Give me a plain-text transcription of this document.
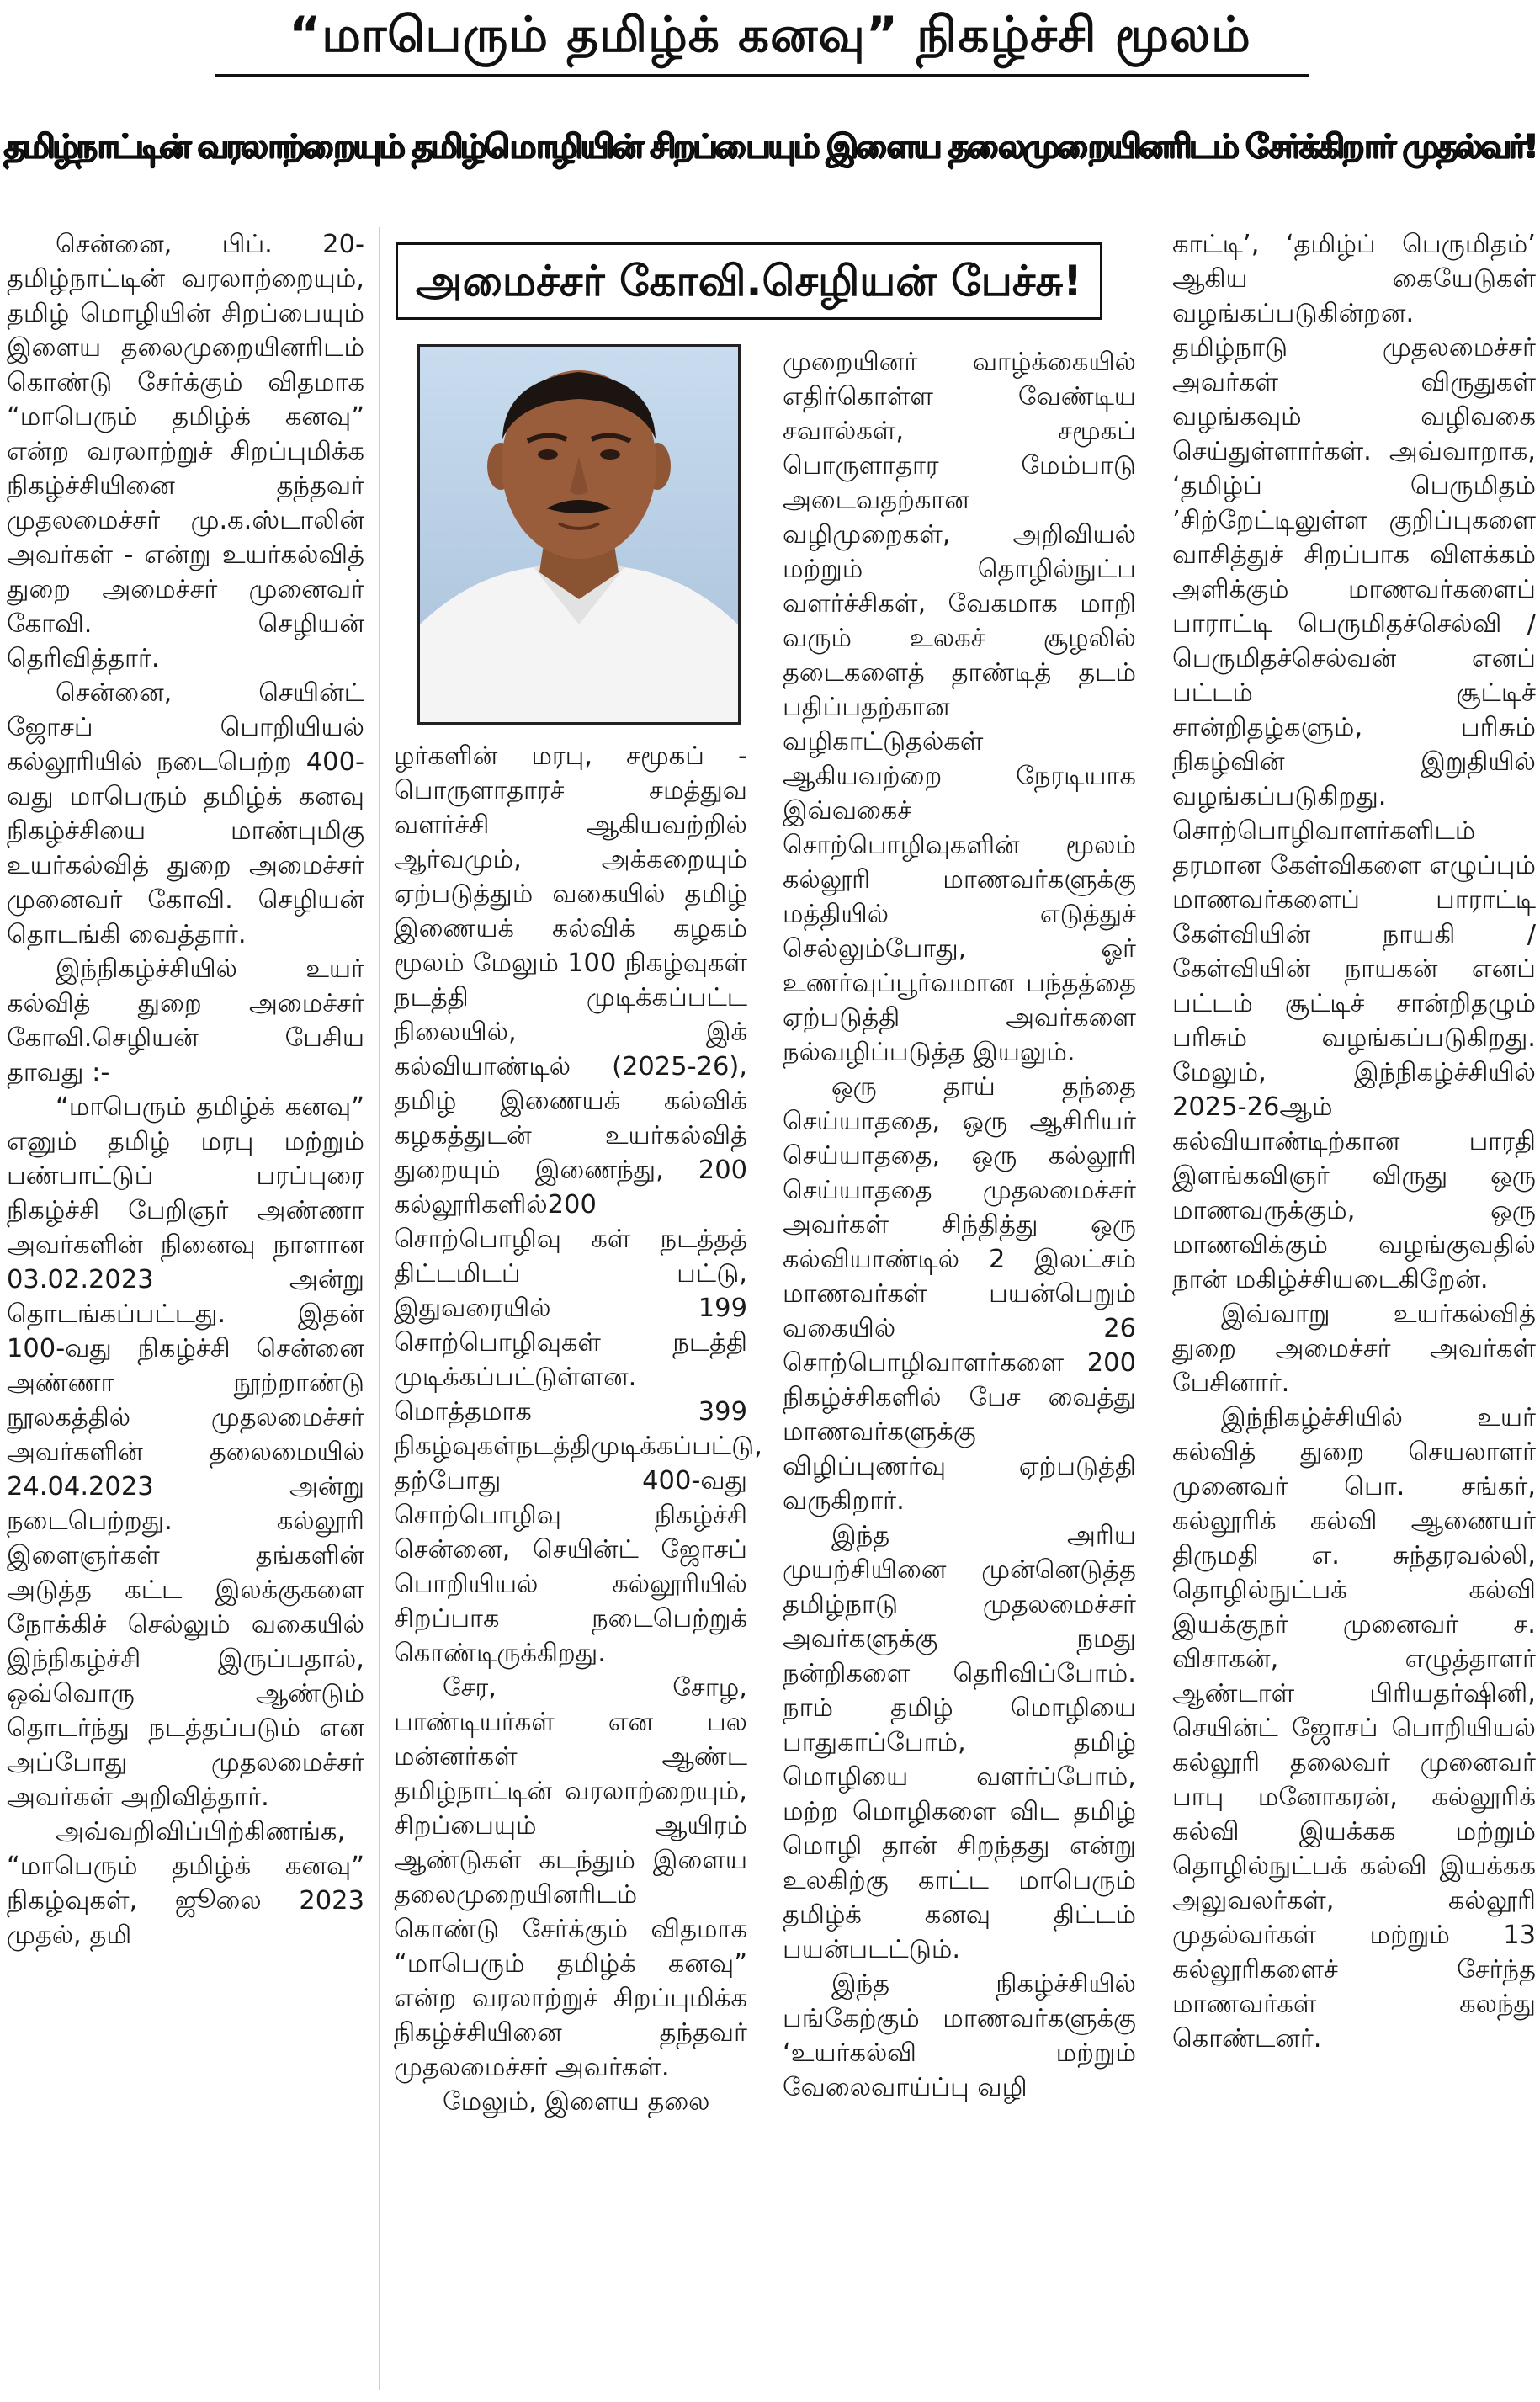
“மாபெரும் தமிழ்க் கனவு” நிகழ்ச்சி மூலம்
தமிழ்நாட்டின் வரலாற்றையும் தமிழ்மொழியின் சிறப்பையும் இளைய தலைமுறையினரிடம் சேர்க்கிறார் முதல்வர்!
அமைச்சர் கோவி.செழியன் பேச்சு!

சென்னை, பிப். 20- தமிழ்நாட்டின் வரலாற்றையும், தமிழ் மொழியின் சிறப்பையும் இளைய தலைமுறையினரிடம் கொண்டு சேர்க்கும் விதமாக “மாபெரும் தமிழ்க் கனவு” என்ற வரலாற்றுச் சிறப்புமிக்க நிகழ்ச்சியினை தந்தவர் முதலமைச்சர் மு.க.ஸ்டாலின் அவர்கள் - என்று உயர்கல்வித் துறை அமைச்சர் முனைவர் கோவி. செழியன் தெரிவித்தார்.

சென்னை, செயின்ட் ஜோசப் பொறியியல் கல்லூரியில் நடைபெற்ற 400-வது மாபெரும் தமிழ்க் கனவு நிகழ்ச்சியை மாண்புமிகு உயர்கல்வித் துறை அமைச்சர் முனைவர் கோவி. செழியன் தொடங்கி வைத்தார்.

இந்நிகழ்ச்சியில் உயர் கல்வித் துறை அமைச்சர் கோவி.செழியன் பேசிய தாவது :-

“மாபெரும் தமிழ்க் கனவு” எனும் தமிழ் மரபு மற்றும் பண்பாட்டுப் பரப்புரை நிகழ்ச்சி பேறிஞர் அண்ணா அவர்களின் நினைவு நாளான 03.02.2023 அன்று தொடங்கப்பட்டது. இதன் 100-வது நிகழ்ச்சி சென்னை அண்ணா நூற்றாண்டு நூலகத்தில் முதலமைச்சர் அவர்களின் தலைமையில் 24.04.2023 அன்று நடைபெற்றது. கல்லூரி இளைஞர்கள் தங்களின் அடுத்த கட்ட இலக்குகளை நோக்கிச் செல்லும் வகையில் இந்நிகழ்ச்சி இருப்பதால், ஒவ்வொரு ஆண்டும் தொடர்ந்து நடத்தப்படும் என அப்போது முதலமைச்சர் அவர்கள் அறிவித்தார்.

அவ்வறிவிப்பிற்கிணங்க, “மாபெரும் தமிழ்க் கனவு” நிகழ்வுகள், ஜூலை 2023 முதல், தமி

ழர்களின் மரபு, சமூகப் - பொருளாதாரச் சமத்துவ வளர்ச்சி ஆகியவற்றில் ஆர்வமும், அக்கறையும் ஏற்படுத்தும் வகையில் தமிழ் இணையக் கல்விக் கழகம் மூலம் மேலும் 100 நிகழ்வுகள் நடத்தி முடிக்கப்பட்ட நிலையில், இக் கல்வியாண்டில் (2025-26), தமிழ் இணையக் கல்விக் கழகத்துடன் உயர்கல்வித் துறையும் இணைந்து, 200 கல்லூரிகளில்200 சொற்பொழிவு கள் நடத்தத் திட்டமிடப் பட்டு, இதுவரையில் 199 சொற்பொழிவுகள் நடத்தி முடிக்கப்பட்டுள்ளன. மொத்தமாக 399 நிகழ்வுகள்நடத்திமுடிக்கப்பட்டு, தற்போது 400-வது சொற்பொழிவு நிகழ்ச்சி சென்னை, செயின்ட் ஜோசப் பொறியியல் கல்லூரியில் சிறப்பாக நடைபெற்றுக் கொண்டிருக்கிறது.

சேர, சோழ, பாண்டியர்கள் என பல மன்னர்கள் ஆண்ட தமிழ்நாட்டின் வரலாற்றையும், சிறப்பையும் ஆயிரம் ஆண்டுகள் கடந்தும் இளைய தலைமுறையினரிடம் கொண்டு சேர்க்கும் விதமாக “மாபெரும் தமிழ்க் கனவு” என்ற வரலாற்றுச் சிறப்புமிக்க நிகழ்ச்சியினை தந்தவர் முதலமைச்சர் அவர்கள்.

மேலும், இளைய தலை

முறையினர் வாழ்க்கையில் எதிர்கொள்ள வேண்டிய சவால்கள், சமூகப் பொருளாதார மேம்பாடு அடைவதற்கான வழிமுறைகள், அறிவியல் மற்றும் தொழில்நுட்ப வளர்ச்சிகள், வேகமாக மாறி வரும் உலகச் சூழலில் தடைகளைத் தாண்டித் தடம் பதிப்பதற்கான வழிகாட்டுதல்கள் ஆகியவற்றை நேரடியாக இவ்வகைச் சொற்பொழிவுகளின் மூலம் கல்லூரி மாணவர்களுக்கு மத்தியில் எடுத்துச் செல்லும்போது, ஓர் உணர்வுப்பூர்வமான பந்தத்தை ஏற்படுத்தி அவர்களை நல்வழிப்படுத்த இயலும்.

ஒரு தாய் தந்தை செய்யாததை, ஒரு ஆசிரியர் செய்யாததை, ஒரு கல்லூரி செய்யாததை முதலமைச்சர் அவர்கள் சிந்தித்து ஒரு கல்வியாண்டில் 2 இலட்சம் மாணவர்கள் பயன்பெறும் வகையில் 26 சொற்பொழிவாளர்களை 200 நிகழ்ச்சிகளில் பேச வைத்து மாணவர்களுக்கு விழிப்புணர்வு ஏற்படுத்தி வருகிறார்.

இந்த அரிய முயற்சியினை முன்னெடுத்த தமிழ்நாடு முதலமைச்சர் அவர்களுக்கு நமது நன்றிகளை தெரிவிப்போம். நாம் தமிழ் மொழியை பாதுகாப்போம், தமிழ் மொழியை வளர்ப்போம், மற்ற மொழிகளை விட தமிழ் மொழி தான் சிறந்தது என்று உலகிற்கு காட்ட மாபெரும் தமிழ்க் கனவு திட்டம் பயன்படட்டும்.

இந்த நிகழ்ச்சியில் பங்கேற்கும் மாணவர்களுக்கு ‘உயர்கல்வி மற்றும் வேலைவாய்ப்பு வழி

காட்டி’, ‘தமிழ்ப் பெருமிதம்’ ஆகிய கையேடுகள் வழங்கப்படுகின்றன. தமிழ்நாடு முதலமைச்சர் அவர்கள் விருதுகள் வழங்கவும் வழிவகை செய்துள்ளார்கள். அவ்வாறாக, ‘தமிழ்ப் பெருமிதம் ’சிற்றேட்டிலுள்ள குறிப்புகளை வாசித்துச் சிறப்பாக விளக்கம் அளிக்கும் மாணவர்களைப் பாராட்டி பெருமிதச்செல்வி / பெருமிதச்செல்வன் எனப் பட்டம் சூட்டிச் சான்றிதழ்களும், பரிசும் நிகழ்வின் இறுதியில் வழங்கப்படுகிறது. சொற்பொழிவாளர்களிடம் தரமான கேள்விகளை எழுப்பும் மாணவர்களைப் பாராட்டி கேள்வியின் நாயகி / கேள்வியின் நாயகன் எனப் பட்டம் சூட்டிச் சான்றிதழும் பரிசும் வழங்கப்படுகிறது. மேலும், இந்நிகழ்ச்சியில் 2025-26ஆம் கல்வியாண்டிற்கான பாரதி இளங்கவிஞர் விருது ஒரு மாணவருக்கும், ஒரு மாணவிக்கும் வழங்குவதில் நான் மகிழ்ச்சியடைகிறேன்.

இவ்வாறு உயர்கல்வித் துறை அமைச்சர் அவர்கள் பேசினார்.

இந்நிகழ்ச்சியில் உயர் கல்வித் துறை செயலாளர் முனைவர் பொ. சங்கர், கல்லூரிக் கல்வி ஆணையர் திருமதி எ. சுந்தரவல்லி, தொழில்நுட்பக் கல்வி இயக்குநர் முனைவர் ச. விசாகன், எழுத்தாளர் ஆண்டாள் பிரியதர்ஷினி, செயின்ட் ஜோசப் பொறியியல் கல்லூரி தலைவர் முனைவர் பாபு மனோகரன், கல்லூரிக் கல்வி இயக்கக மற்றும் தொழில்நுட்பக் கல்வி இயக்கக அலுவலர்கள், கல்லூரி முதல்வர்கள் மற்றும் 13 கல்லூரிகளைச் சேர்ந்த மாணவர்கள் கலந்து கொண்டனர்.
